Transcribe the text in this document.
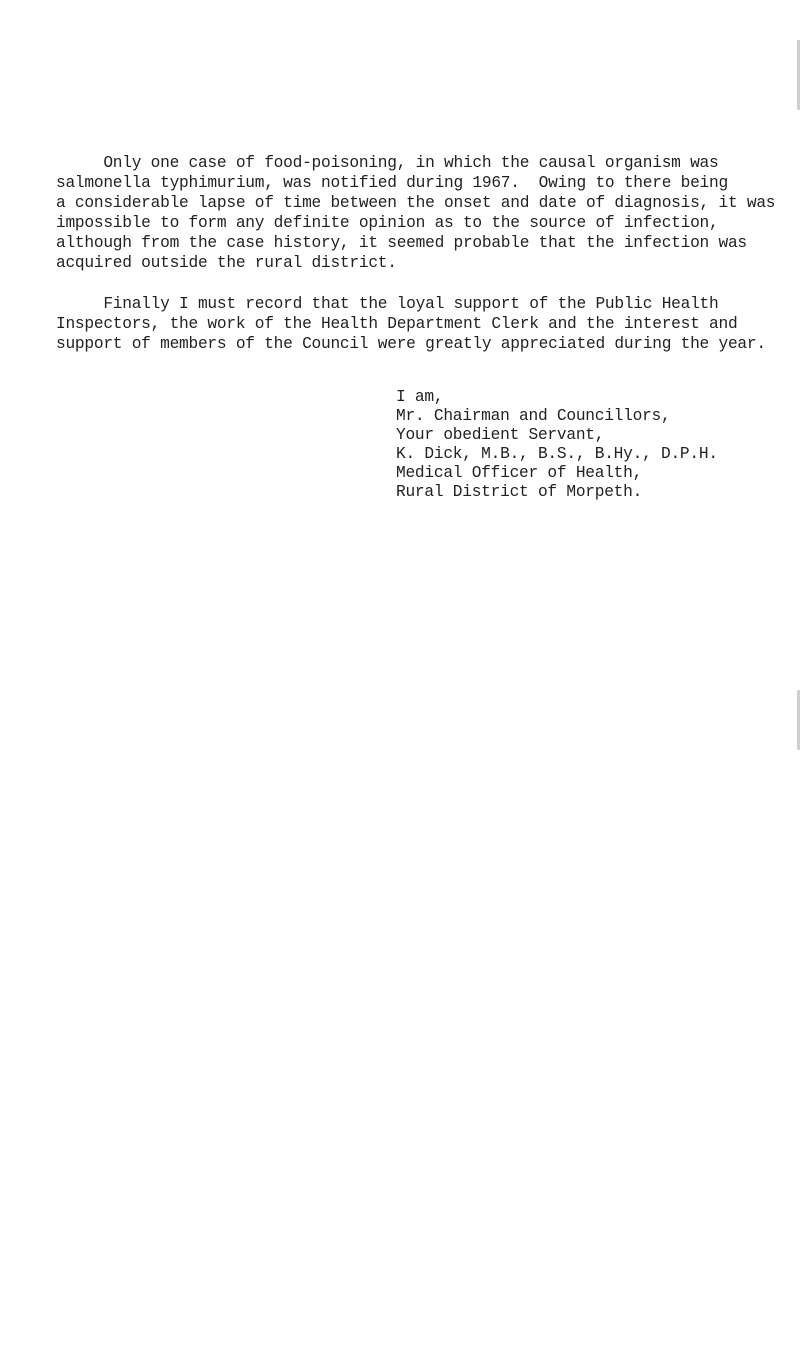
Only one case of food-poisoning, in which the causal organism was
salmonella typhimurium, was notified during 1967.  Owing to there being
a considerable lapse of time between the onset and date of diagnosis, it was
impossible to form any definite opinion as to the source of infection,
although from the case history, it seemed probable that the infection was
acquired outside the rural district.
Finally I must record that the loyal support of the Public Health
Inspectors, the work of the Health Department Clerk and the interest and
support of members of the Council were greatly appreciated during the year.
I am,
Mr. Chairman and Councillors,
Your obedient Servant,
K. Dick, M.B., B.S., B.Hy., D.P.H.
Medical Officer of Health,
Rural District of Morpeth.
